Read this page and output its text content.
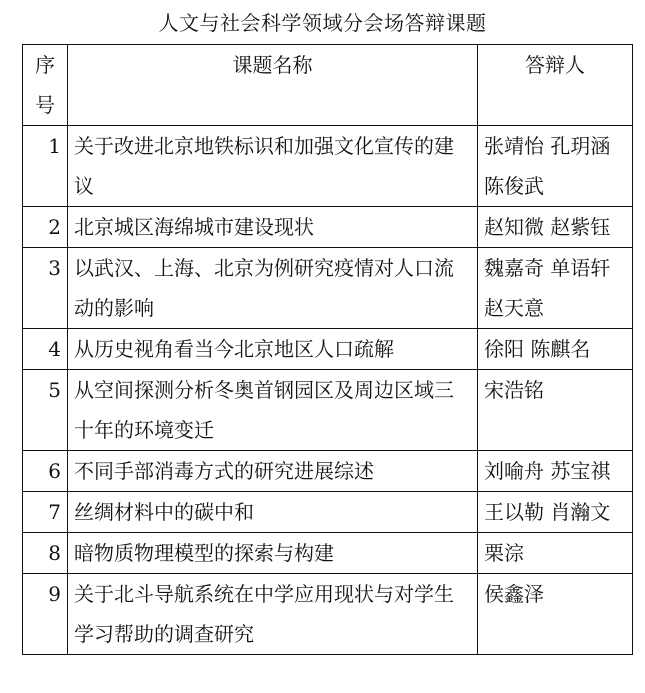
人文与社会科学领域分会场答辩课题
序号	课题名称	答辩人
1	关于改进北京地铁标识和加强文化宣传的建议	张靖怡 孔玥涵 陈俊武
2	北京城区海绵城市建设现状	赵知微 赵紫钰
3	以武汉、上海、北京为例研究疫情对人口流动的影响	魏嘉奇 单语轩 赵天意
4	从历史视角看当今北京地区人口疏解	徐阳 陈麒名
5	从空间探测分析冬奥首钢园区及周边区域三十年的环境变迁	宋浩铭
6	不同手部消毒方式的研究进展综述	刘喻舟 苏宝祺
7	丝绸材料中的碳中和	王以勒 肖瀚文
8	暗物质物理模型的探索与构建	栗淙
9	关于北斗导航系统在中学应用现状与对学生学习帮助的调查研究	侯鑫泽
